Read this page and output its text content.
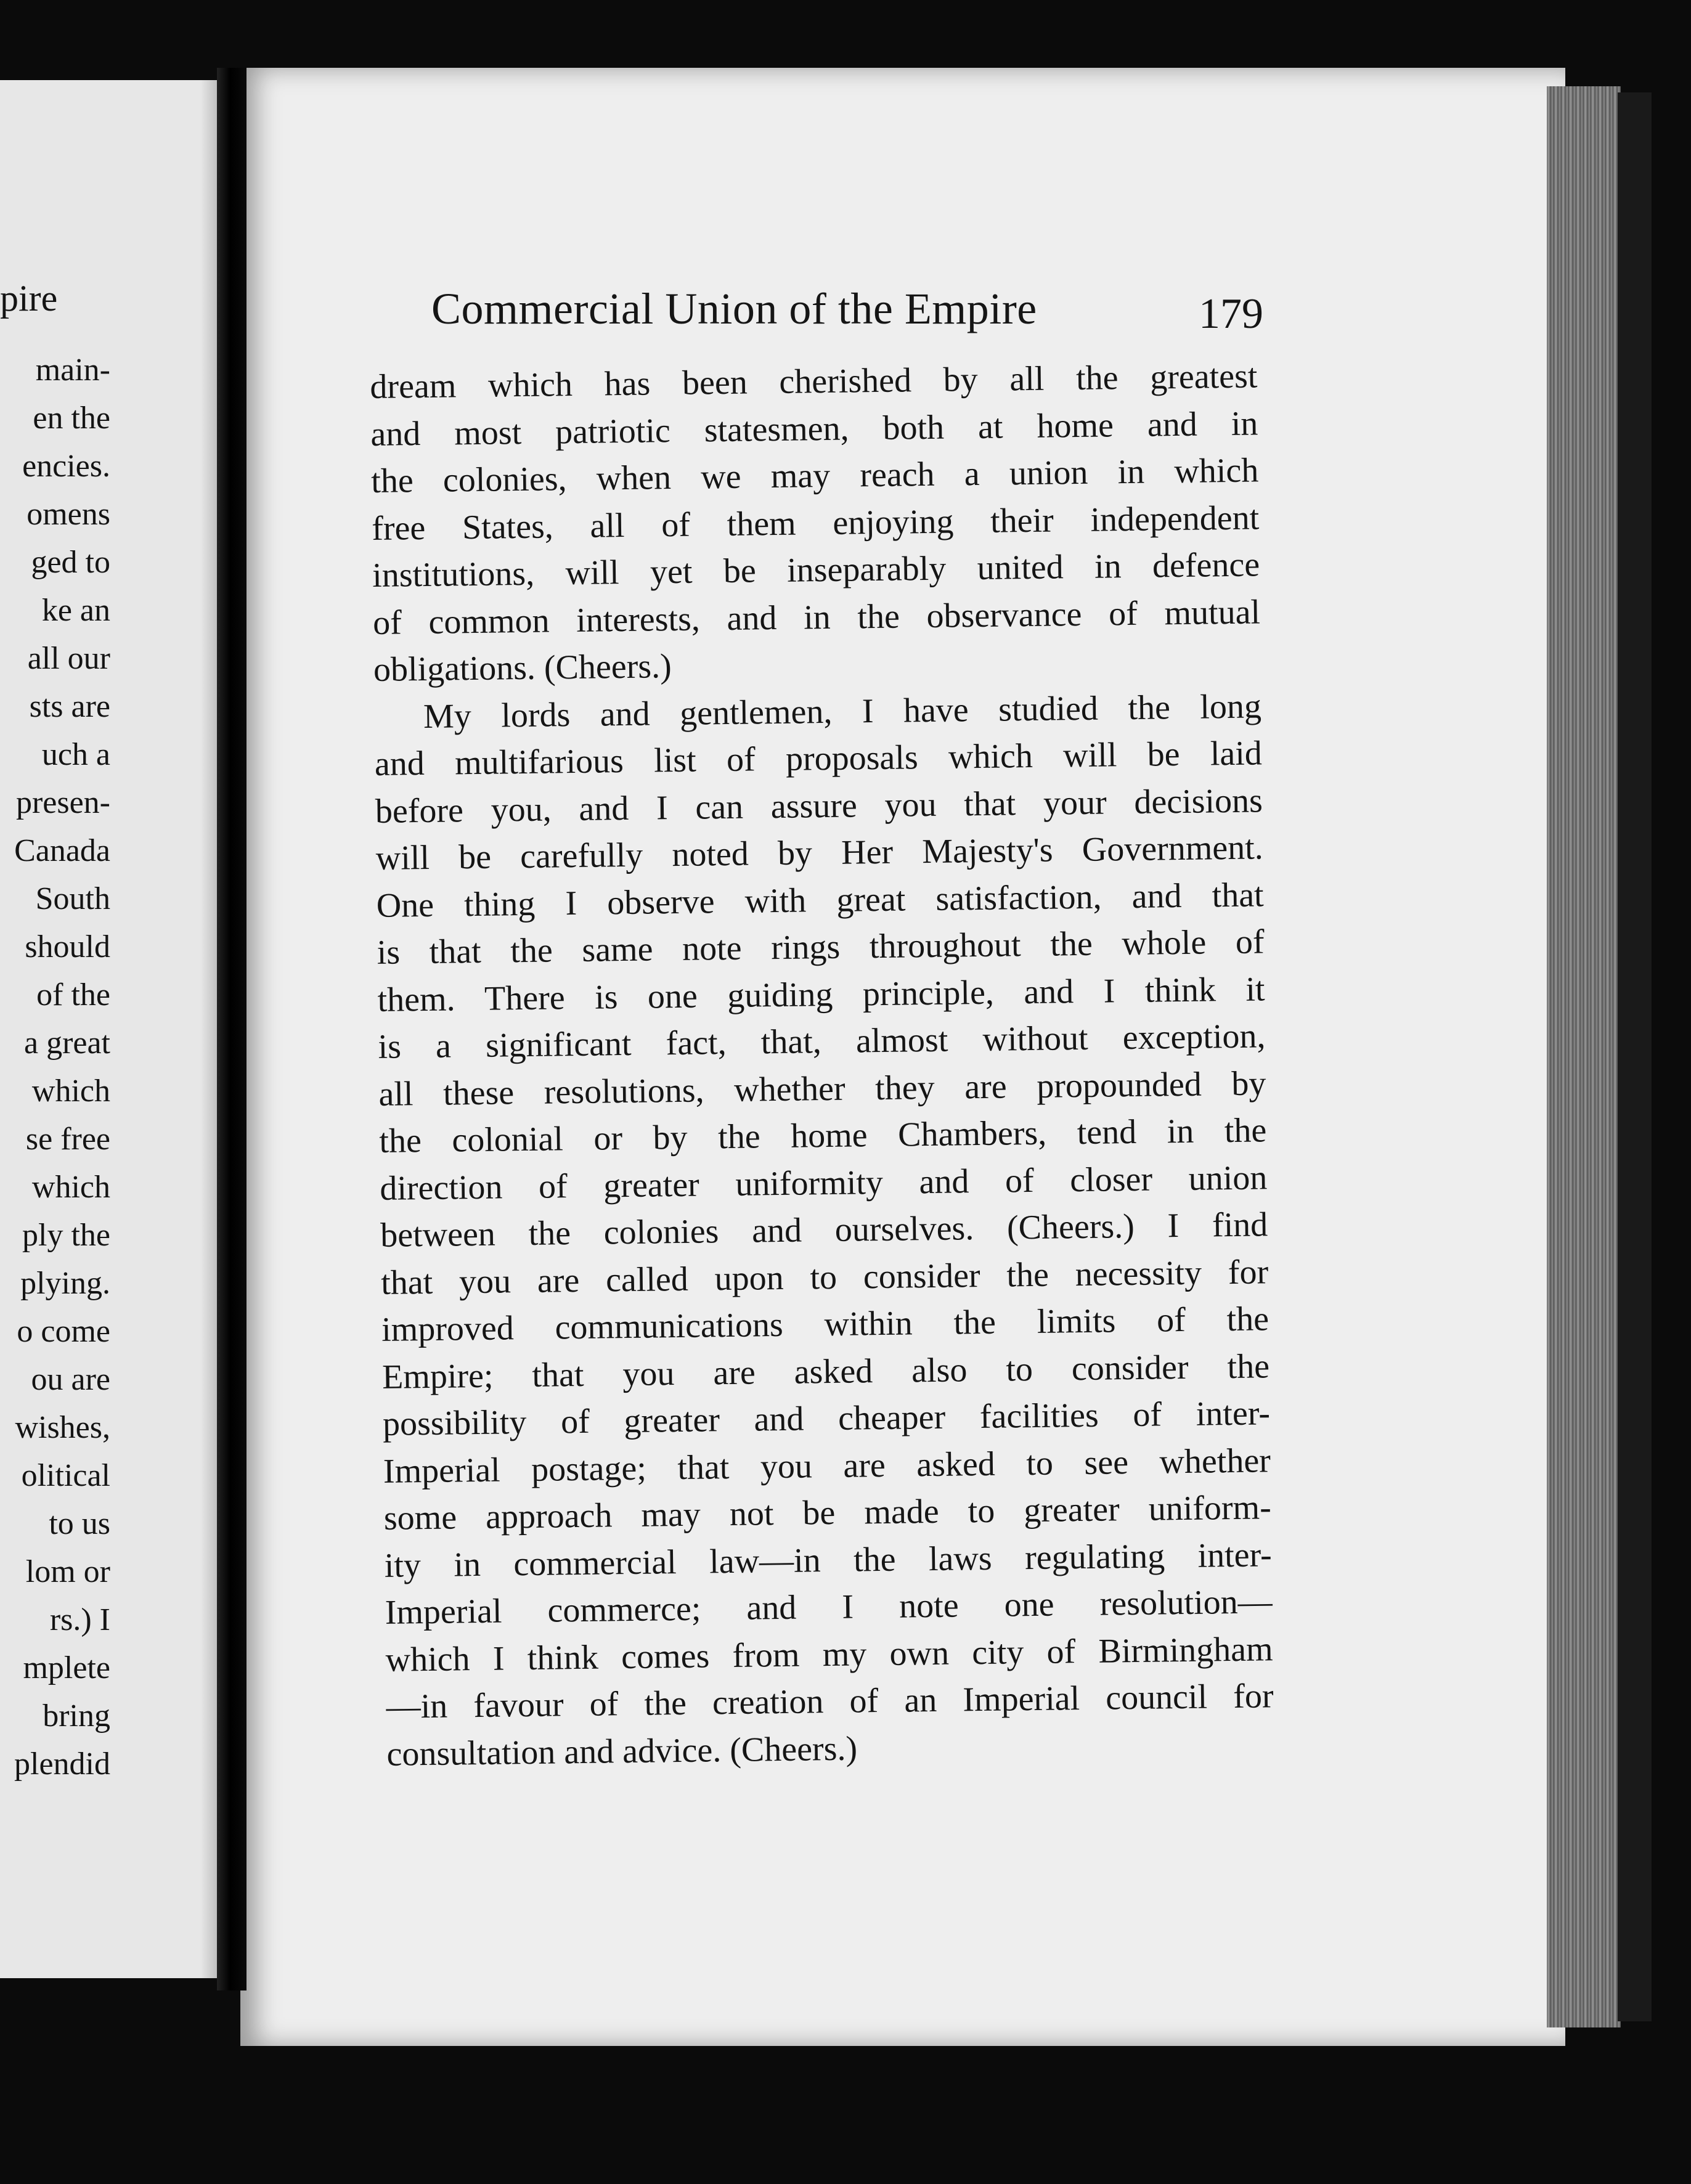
pire
main-
en the
encies.
omens
ged to
ke an
all our
sts are
uch a
presen-
Canada
South
should
of the
a great
which
se free
which
ply the
plying.
o come
ou are
wishes,
olitical
to us
lom or
rs.) I
mplete
bring
plendid
Commercial Union of the Empire	179
dream which has been cherished by all the greatest
and most patriotic statesmen, both at home and in
the colonies, when we may reach a union in which
free States, all of them enjoying their independent
institutions, will yet be inseparably united in defence
of common interests, and in the observance of mutual
obligations. (Cheers.)
My lords and gentlemen, I have studied the long
and multifarious list of proposals which will be laid
before you, and I can assure you that your decisions
will be carefully noted by Her Majesty's Government.
One thing I observe with great satisfaction, and that
is that the same note rings throughout the whole of
them. There is one guiding principle, and I think it
is a significant fact, that, almost without exception,
all these resolutions, whether they are propounded by
the colonial or by the home Chambers, tend in the
direction of greater uniformity and of closer union
between the colonies and ourselves. (Cheers.) I find
that you are called upon to consider the necessity for
improved communications within the limits of the
Empire; that you are asked also to consider the
possibility of greater and cheaper facilities of inter-
Imperial postage; that you are asked to see whether
some approach may not be made to greater uniform-
ity in commercial law—in the laws regulating inter-
Imperial commerce; and I note one resolution—
which I think comes from my own city of Birmingham
—in favour of the creation of an Imperial council for
consultation and advice. (Cheers.)
